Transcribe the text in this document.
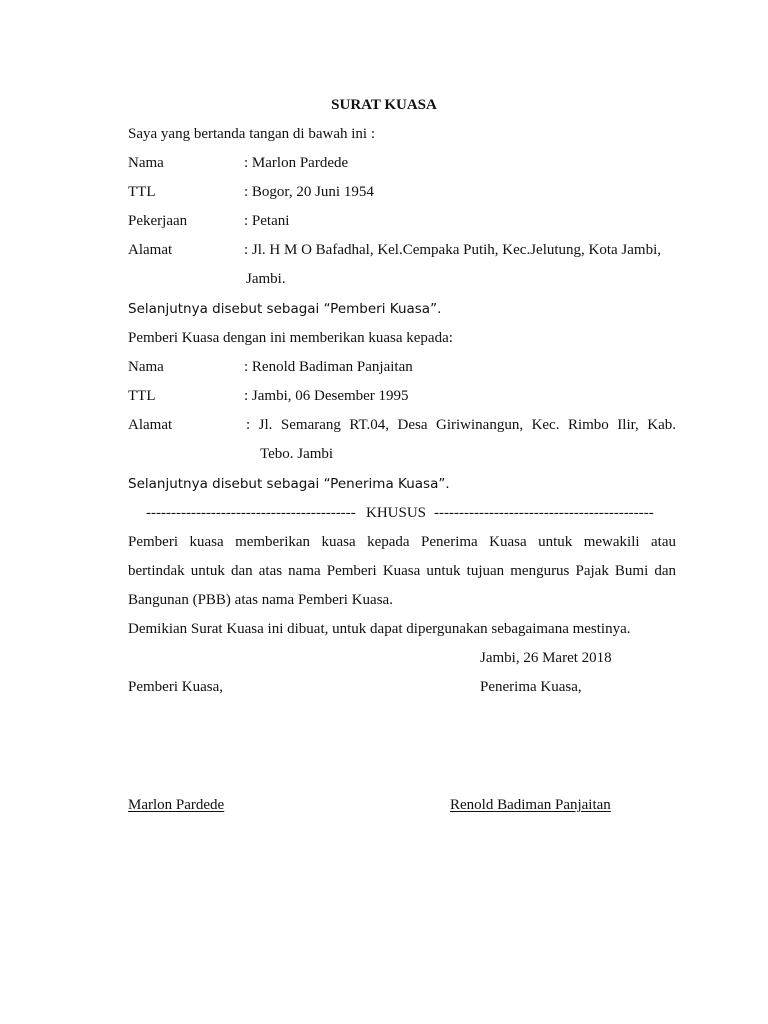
SURAT KUASA
Saya yang bertanda tangan di bawah ini :
Nama	: Marlon Pardede
TTL	: Bogor, 20 Juni 1954
Pekerjaan	: Petani
Alamat	: Jl. H M O Bafadhal, Kel.Cempaka Putih, Kec.Jelutung, Kota Jambi,
Jambi.
Selanjutnya disebut sebagai “Pemberi Kuasa”.
Pemberi Kuasa dengan ini memberikan kuasa kepada:
Nama	: Renold Badiman Panjaitan
TTL	: Jambi, 06 Desember 1995
Alamat	: Jl. Semarang RT.04, Desa Giriwinangun, Kec. Rimbo Ilir, Kab.
Tebo. Jambi
Selanjutnya disebut sebagai “Penerima Kuasa”.
------------------------------------------ KHUSUS --------------------------------------------
Pemberi kuasa memberikan kuasa kepada Penerima Kuasa untuk mewakili atau
bertindak untuk dan atas nama Pemberi Kuasa untuk tujuan mengurus Pajak Bumi dan
Bangunan (PBB) atas nama Pemberi Kuasa.
Demikian Surat Kuasa ini dibuat, untuk dapat dipergunakan sebagaimana mestinya.
Jambi, 26 Maret 2018
Pemberi Kuasa,	Penerima Kuasa,
Marlon Pardede	Renold Badiman Panjaitan
